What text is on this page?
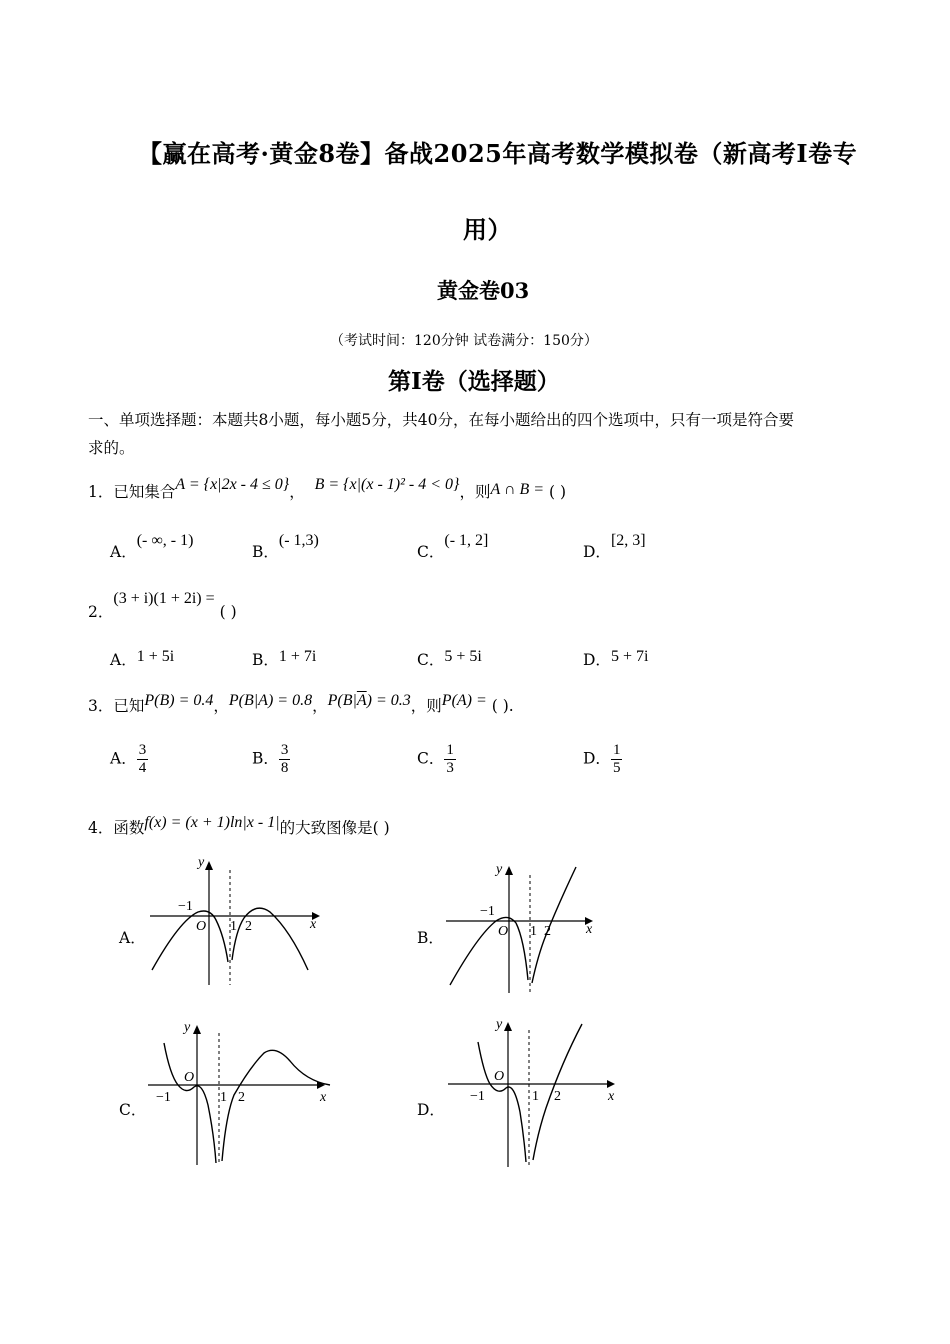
【赢在高考·黄金8卷】备战2025年高考数学模拟卷（新高考Ⅰ卷专
用）
黄金卷03
（考试时间：120分钟 试卷满分：150分）
第I卷（选择题）
一、单项选择题：本题共8小题，每小题5分，共40分，在每小题给出的四个选项中，只有一项是符合要
求的。
1．已知集合A = {x|2x - 4 ≤ 0}， B = {x|(x - 1)² - 4 < 0}，则A ∩ B = ( )
A．(- ∞, - 1)
B．(- 1,3)
C．(- 1, 2]
D．[2, 3]
2．(3 + i)(1 + 2i) = ( )
A．1 + 5i	B．1 + 7i	C．5 + 5i	D．5 + 7i
3．已知P(B) = 0.4，P(B|A) = 0.8，$P(B|\overline{A}) = 0.3$，则P(A) = ( ).
A． $\frac{3}{4}$	B． $\frac{3}{8}$	C． $\frac{1}{3}$	D． $\frac{1}{5}$
4．函数f(x) = (x + 1)ln|x - 1|的大致图像是( )
A．
y
x
O
−1
1 2
B．
y
x
O
−1
1 2
C．
y
x
O
−1	1 2
D．
y
x
O
−1	1 2
